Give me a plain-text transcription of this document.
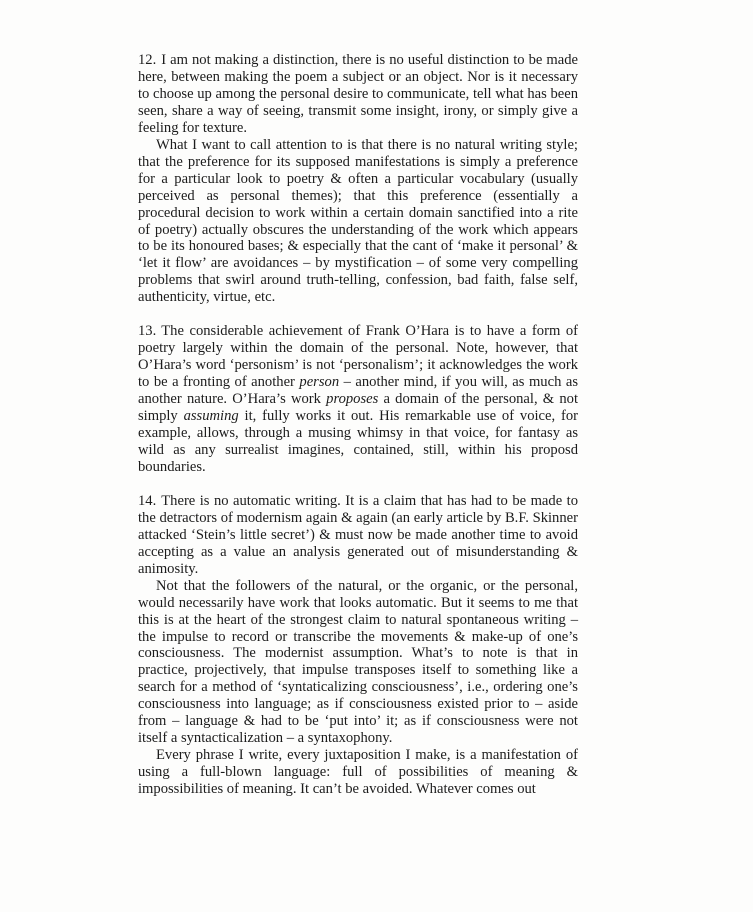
12. I am not making a distinction, there is no useful distinction to be made here, between making the poem a subject or an object. Nor is it necessary to choose up among the personal desire to communicate, tell what has been seen, share a way of seeing, transmit some insight, irony, or simply give a feeling for texture.

What I want to call attention to is that there is no natural writing style; that the preference for its supposed manifestations is simply a preference for a particular look to poetry & often a particular vocabulary (usually perceived as personal themes); that this preference (essentially a procedural decision to work within a certain domain sanctified into a rite of poetry) actually obscures the understanding of the work which appears to be its honoured bases; & especially that the cant of ‘make it personal’ & ‘let it flow’ are avoidances – by mystification – of some very compelling problems that swirl around truth-telling, confession, bad faith, false self, authenticity, virtue, etc.

13. The considerable achievement of Frank O’Hara is to have a form of poetry largely within the domain of the personal. Note, however, that O’Hara’s word ‘personism’ is not ‘personalism’; it acknowledges the work to be a fronting of another person – another mind, if you will, as much as another nature. O’Hara’s work proposes a domain of the personal, & not simply assuming it, fully works it out. His remarkable use of voice, for example, allows, through a musing whimsy in that voice, for fantasy as wild as any surrealist imagines, contained, still, within his proposd boundaries.

14. There is no automatic writing. It is a claim that has had to be made to the detractors of modernism again & again (an early article by B.F. Skinner attacked ‘Stein’s little secret’) & must now be made another time to avoid accepting as a value an analysis generated out of misunderstanding & animosity.

Not that the followers of the natural, or the organic, or the personal, would necessarily have work that looks automatic. But it seems to me that this is at the heart of the strongest claim to natural spontaneous writing – the impulse to record or transcribe the movements & make-up of one’s consciousness. The modernist assumption. What’s to note is that in practice, projectively, that impulse transposes itself to something like a search for a method of ‘syntaticalizing consciousness’, i.e., ordering one’s consciousness into language; as if consciousness existed prior to – aside from – language & had to be ‘put into’ it; as if consciousness were not itself a syntacticalization – a syntaxophony.

Every phrase I write, every juxtaposition I make, is a manifestation of using a full-blown language: full of possibilities of meaning & impossibilities of meaning. It can’t be avoided. Whatever comes out
